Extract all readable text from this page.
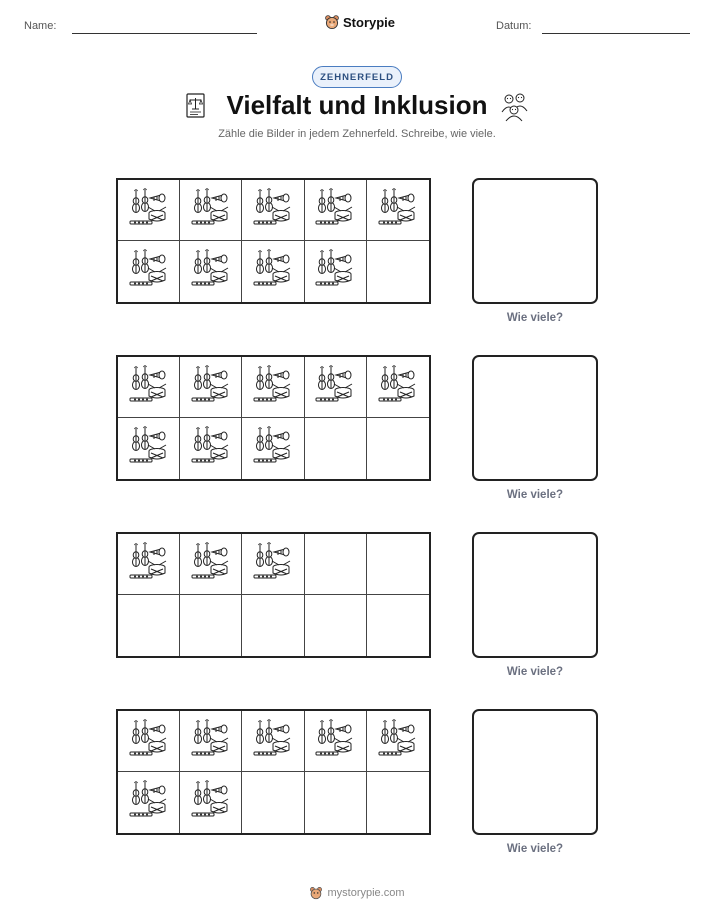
Name:	Storypie	Datum:
ZEHNERFELD
Vielfalt und Inklusion
Zähle die Bilder in jedem Zehnerfeld. Schreibe, wie viele.
Wie viele?
Wie viele?
Wie viele?
Wie viele?
mystorypie.com
